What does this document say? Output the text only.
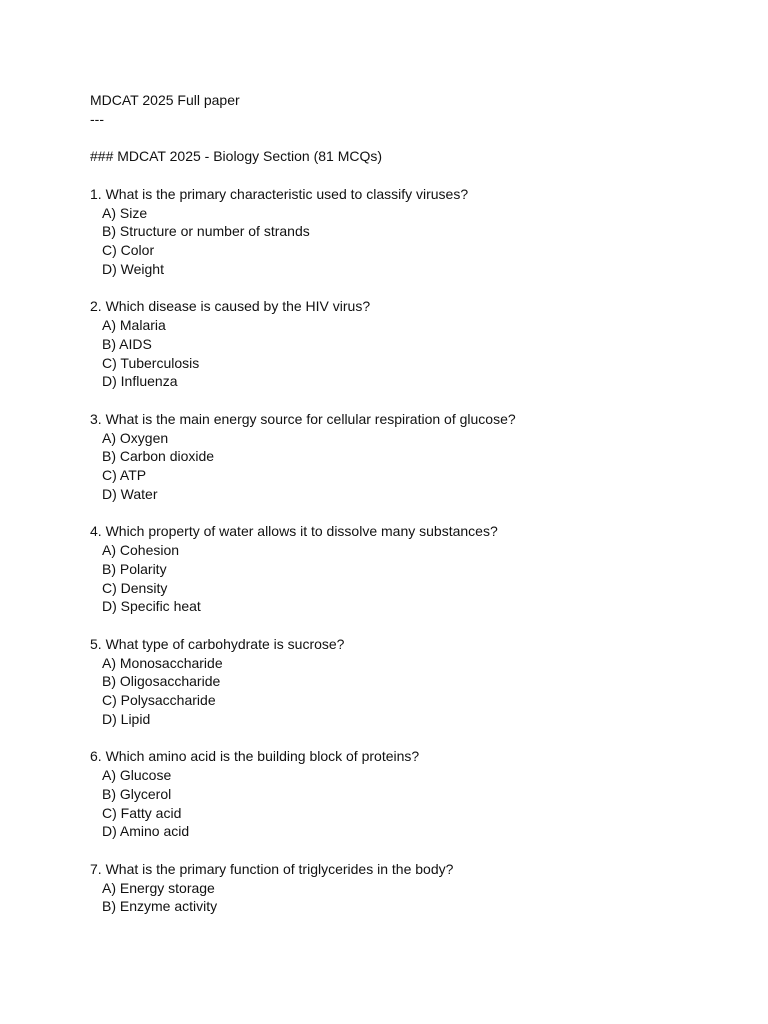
MDCAT 2025 Full paper
---
### MDCAT 2025 - Biology Section (81 MCQs)
1. What is the primary characteristic used to classify viruses?
A) Size
B) Structure or number of strands
C) Color
D) Weight
2. Which disease is caused by the HIV virus?
A) Malaria
B) AIDS
C) Tuberculosis
D) Influenza
3. What is the main energy source for cellular respiration of glucose?
A) Oxygen
B) Carbon dioxide
C) ATP
D) Water
4. Which property of water allows it to dissolve many substances?
A) Cohesion
B) Polarity
C) Density
D) Specific heat
5. What type of carbohydrate is sucrose?
A) Monosaccharide
B) Oligosaccharide
C) Polysaccharide
D) Lipid
6. Which amino acid is the building block of proteins?
A) Glucose
B) Glycerol
C) Fatty acid
D) Amino acid
7. What is the primary function of triglycerides in the body?
A) Energy storage
B) Enzyme activity
